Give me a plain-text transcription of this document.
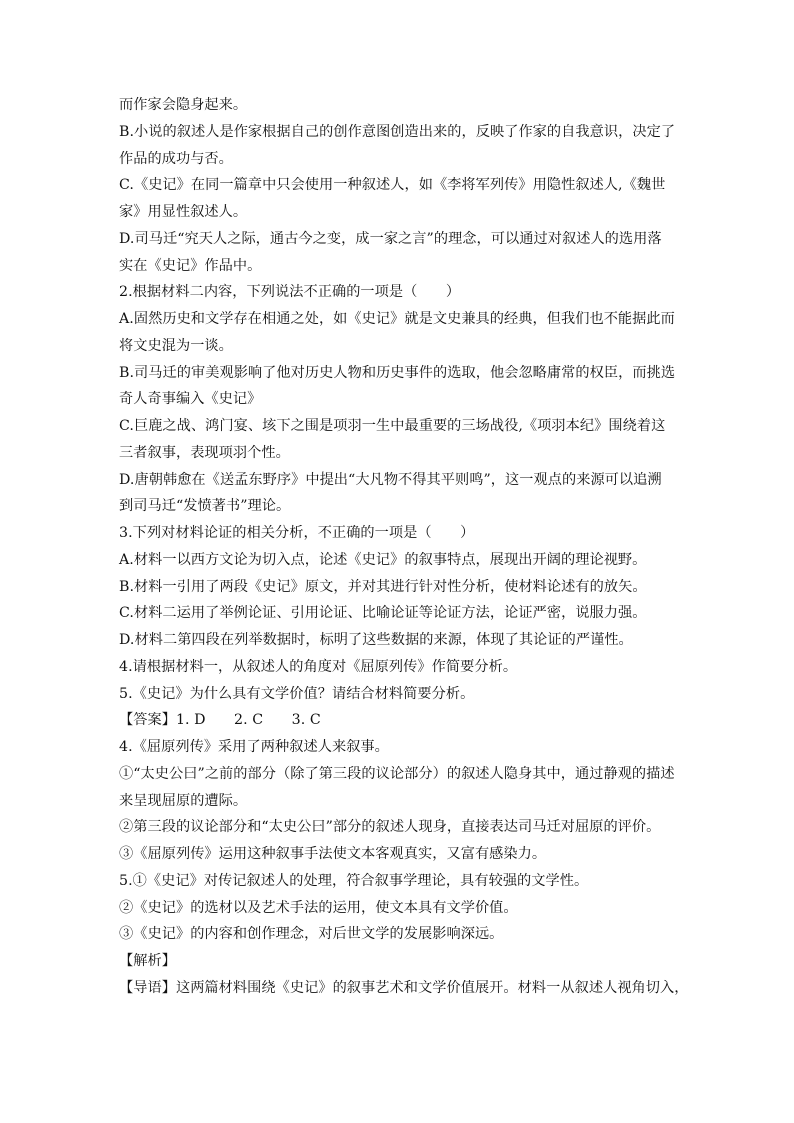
而作家会隐身起来。
B.小说的叙述人是作家根据自己的创作意图创造出来的，反映了作家的自我意识，决定了
作品的成功与否。
C.《史记》在同一篇章中只会使用一种叙述人，如《李将军列传》用隐性叙述人,《魏世
家》用显性叙述人。
D.司马迁“究天人之际，通古今之变，成一家之言”的理念，可以通过对叙述人的选用落
实在《史记》作品中。
2.根据材料二内容，下列说法不正确的一项是（　　）
A.固然历史和文学存在相通之处，如《史记》就是文史兼具的经典，但我们也不能据此而
将文史混为一谈。
B.司马迁的审美观影响了他对历史人物和历史事件的选取，他会忽略庸常的权臣，而挑选
奇人奇事编入《史记》
C.巨鹿之战、鸿门宴、垓下之围是项羽一生中最重要的三场战役,《项羽本纪》围绕着这
三者叙事，表现项羽个性。
D.唐朝韩愈在《送孟东野序》中提出“大凡物不得其平则鸣”，这一观点的来源可以追溯
到司马迁“发愤著书”理论。
3.下列对材料论证的相关分析，不正确的一项是（　　）
A.材料一以西方文论为切入点，论述《史记》的叙事特点，展现出开阔的理论视野。
B.材料一引用了两段《史记》原文，并对其进行针对性分析，使材料论述有的放矢。
C.材料二运用了举例论证、引用论证、比喻论证等论证方法，论证严密，说服力强。
D.材料二第四段在列举数据时，标明了这些数据的来源，体现了其论证的严谨性。
4.请根据材料一，从叙述人的角度对《屈原列传》作简要分析。
5.《史记》为什么具有文学价值？请结合材料简要分析。
【答案】1. D　　2. C　　3. C
4.《屈原列传》采用了两种叙述人来叙事。
①“太史公曰”之前的部分（除了第三段的议论部分）的叙述人隐身其中，通过静观的描述
来呈现屈原的遭际。
②第三段的议论部分和“太史公曰”部分的叙述人现身，直接表达司马迁对屈原的评价。
③《屈原列传》运用这种叙事手法使文本客观真实，又富有感染力。
5.①《史记》对传记叙述人的处理，符合叙事学理论，具有较强的文学性。
②《史记》的选材以及艺术手法的运用，使文本具有文学价值。
③《史记》的内容和创作理念，对后世文学的发展影响深远。
【解析】
【导语】这两篇材料围绕《史记》的叙事艺术和文学价值展开。材料一从叙述人视角切入，
